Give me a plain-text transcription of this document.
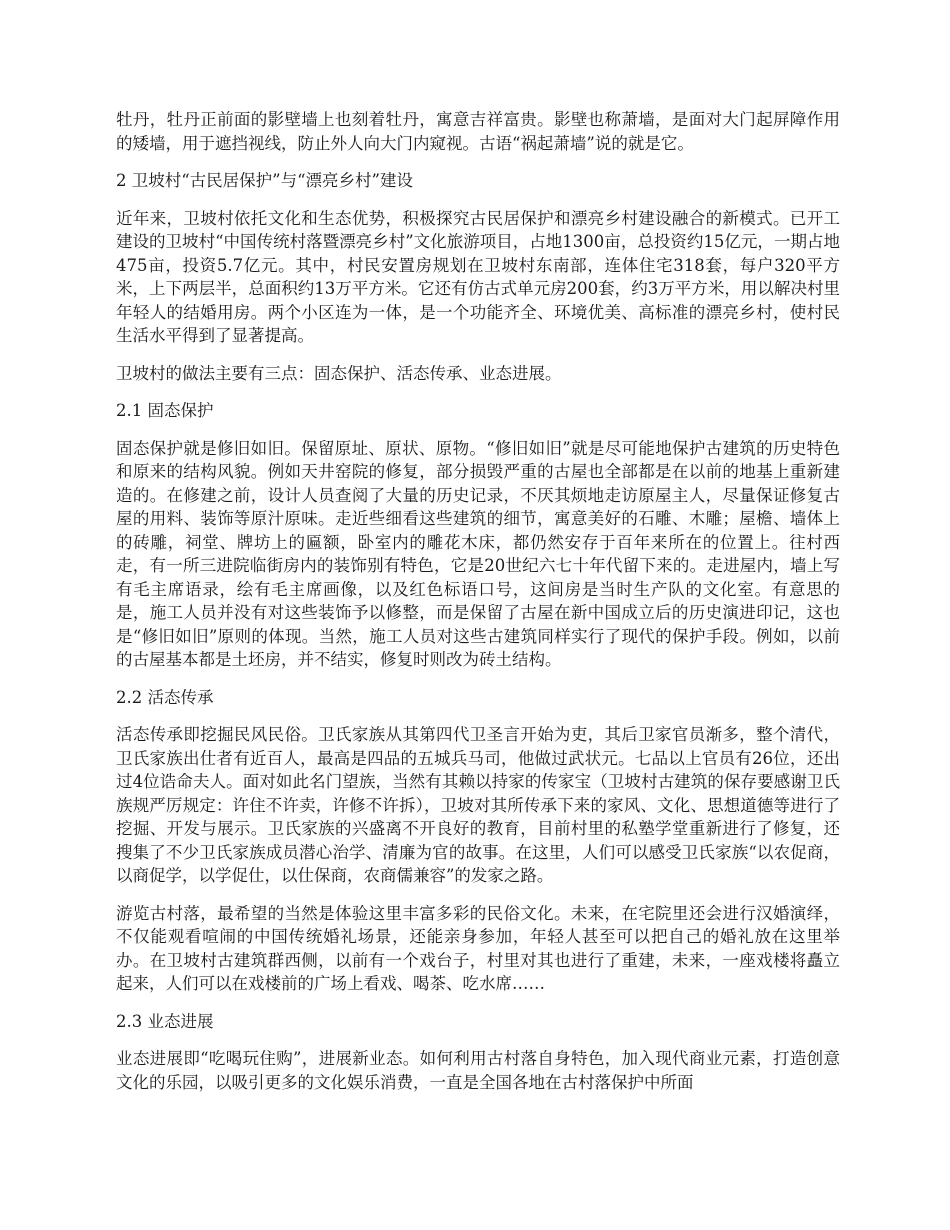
牡丹，牡丹正前面的影壁墙上也刻着牡丹，寓意吉祥富贵。影壁也称萧墙，是面对大门起屏障作用的矮墙，用于遮挡视线，防止外人向大门内窥视。古语“祸起萧墙”说的就是它。

2 卫坡村“古民居保护”与“漂亮乡村”建设

近年来，卫坡村依托文化和生态优势，积极探究古民居保护和漂亮乡村建设融合的新模式。已开工建设的卫坡村“中国传统村落暨漂亮乡村”文化旅游项目，占地1300亩，总投资约15亿元，一期占地475亩，投资5.7亿元。其中，村民安置房规划在卫坡村东南部，连体住宅318套，每户320平方米，上下两层半，总面积约13万平方米。它还有仿古式单元房200套，约3万平方米，用以解决村里年轻人的结婚用房。两个小区连为一体，是一个功能齐全、环境优美、高标准的漂亮乡村，使村民生活水平得到了显著提高。

卫坡村的做法主要有三点：固态保护、活态传承、业态进展。

2.1 固态保护

固态保护就是修旧如旧。保留原址、原状、原物。“修旧如旧”就是尽可能地保护古建筑的历史特色和原来的结构风貌。例如天井窑院的修复，部分损毁严重的古屋也全部都是在以前的地基上重新建造的。在修建之前，设计人员查阅了大量的历史记录，不厌其烦地走访原屋主人，尽量保证修复古屋的用料、装饰等原汁原味。走近些细看这些建筑的细节，寓意美好的石雕、木雕；屋檐、墙体上的砖雕，祠堂、牌坊上的匾额，卧室内的雕花木床，都仍然安存于百年来所在的位置上。往村西走，有一所三进院临街房内的装饰别有特色，它是20世纪六七十年代留下来的。走进屋内，墙上写有毛主席语录，绘有毛主席画像，以及红色标语口号，这间房是当时生产队的文化室。有意思的是，施工人员并没有对这些装饰予以修整，而是保留了古屋在新中国成立后的历史演进印记，这也是“修旧如旧”原则的体现。当然，施工人员对这些古建筑同样实行了现代的保护手段。例如，以前的古屋基本都是土坯房，并不结实，修复时则改为砖土结构。

2.2 活态传承

活态传承即挖掘民风民俗。卫氏家族从其第四代卫圣言开始为吏，其后卫家官员渐多，整个清代，卫氏家族出仕者有近百人，最高是四品的五城兵马司，他做过武状元。七品以上官员有26位，还出过4位诰命夫人。面对如此名门望族，当然有其赖以持家的传家宝（卫坡村古建筑的保存要感谢卫氏族规严厉规定：许住不许卖，许修不许拆），卫坡对其所传承下来的家风、文化、思想道德等进行了挖掘、开发与展示。卫氏家族的兴盛离不开良好的教育，目前村里的私塾学堂重新进行了修复，还搜集了不少卫氏家族成员潜心治学、清廉为官的故事。在这里，人们可以感受卫氏家族“以农促商，以商促学，以学促仕，以仕保商，农商儒兼容”的发家之路。

游览古村落，最希望的当然是体验这里丰富多彩的民俗文化。未来，在宅院里还会进行汉婚演绎，不仅能观看喧闹的中国传统婚礼场景，还能亲身参加，年轻人甚至可以把自己的婚礼放在这里举办。在卫坡村古建筑群西侧，以前有一个戏台子，村里对其也进行了重建，未来，一座戏楼将矗立起来，人们可以在戏楼前的广场上看戏、喝茶、吃水席……

2.3 业态进展

业态进展即“吃喝玩住购”，进展新业态。如何利用古村落自身特色，加入现代商业元素，打造创意文化的乐园，以吸引更多的文化娱乐消费，一直是全国各地在古村落保护中所面
